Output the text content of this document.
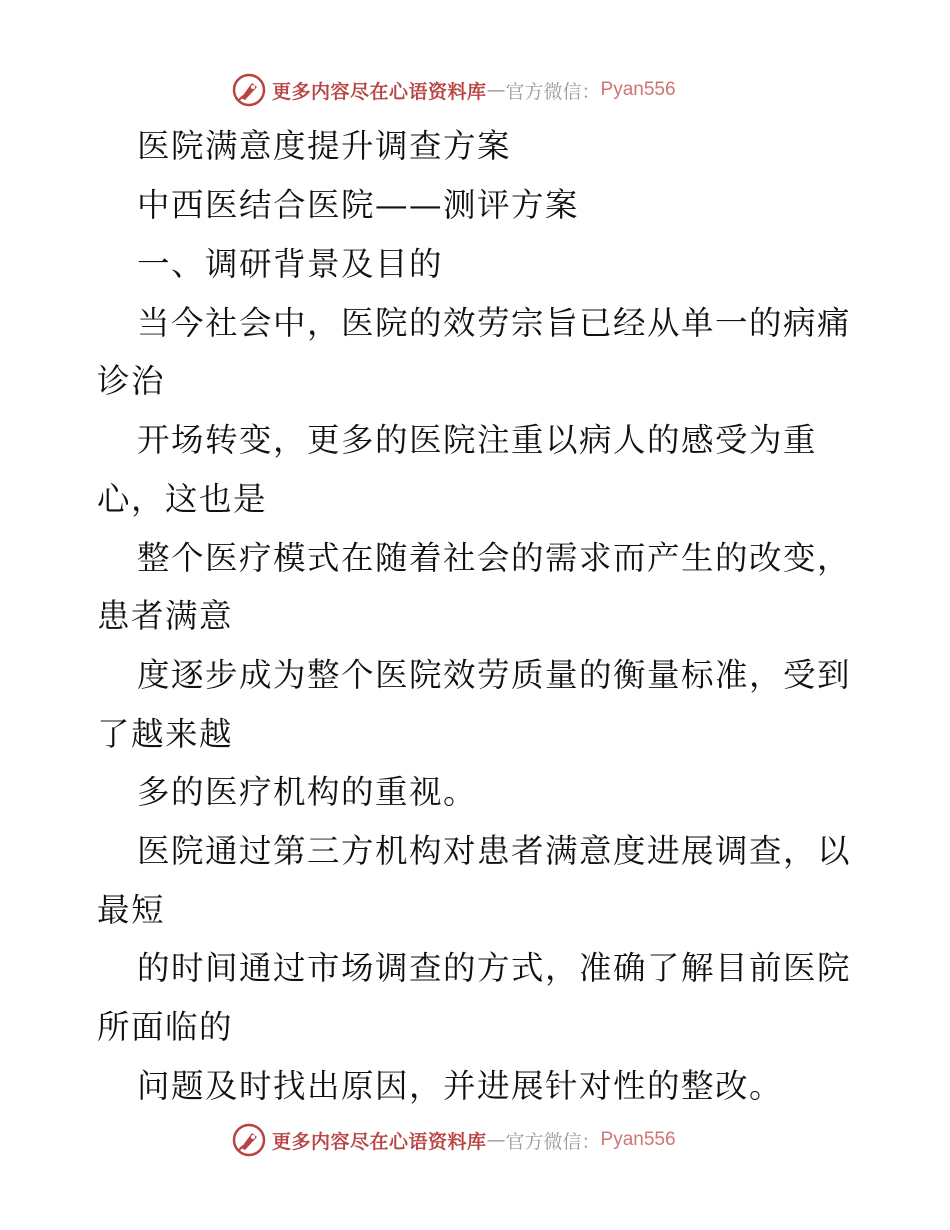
更多内容尽在心语资料库 — 官方微信： Pyan556
医院满意度提升调查方案
中西医结合医院——测评方案
一、调研背景及目的
当今社会中，医院的效劳宗旨已经从单一的病痛
诊治
开场转变，更多的医院注重以病人的感受为重
心，这也是
整个医疗模式在随着社会的需求而产生的改变，
患者满意
度逐步成为整个医院效劳质量的衡量标准，受到
了越来越
多的医疗机构的重视。
医院通过第三方机构对患者满意度进展调查，以
最短
的时间通过市场调查的方式，准确了解目前医院
所面临的
问题及时找出原因，并进展针对性的整改。
更多内容尽在心语资料库 — 官方微信： Pyan556
